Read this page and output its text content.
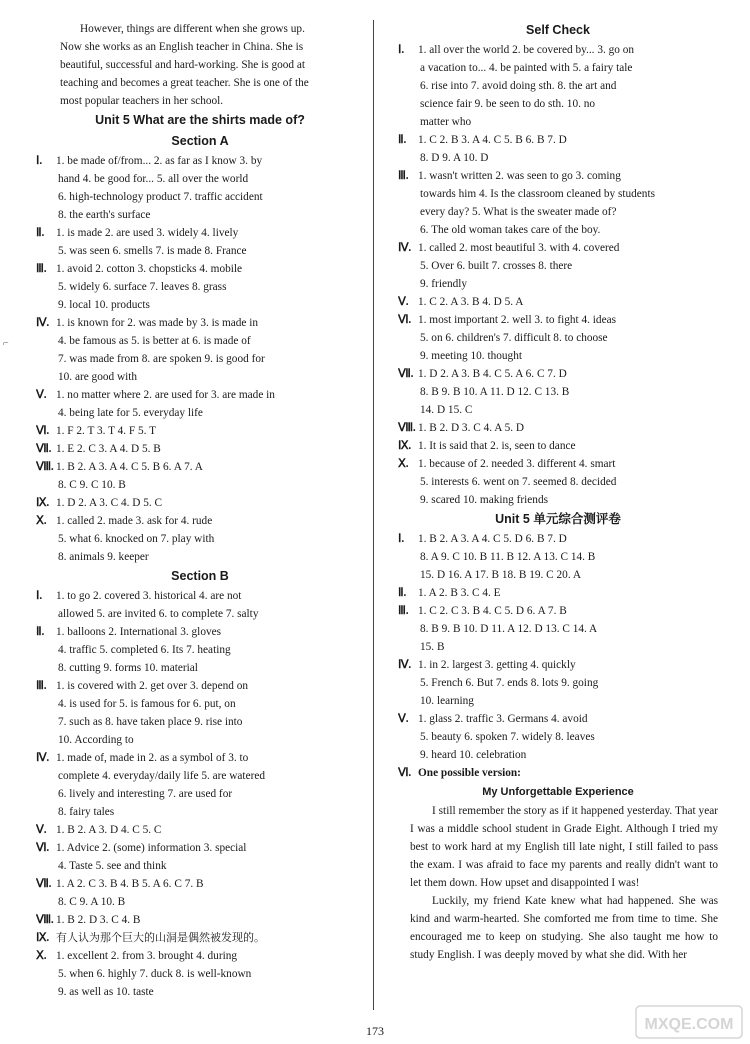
However, things are different when she grows up.
Now she works as an English teacher in China. She is
beautiful, successful and hard-working. She is good at
teaching and becomes a great teacher. She is one of the
most popular teachers in her school.
Unit 5 What are the shirts made of?
Section A
Ⅰ. 1. be made of/from... 2. as far as I know 3. by
hand 4. be good for... 5. all over the world
6. high-technology product 7. traffic accident
8. the earth's surface
Ⅱ. 1. is made 2. are used 3. widely 4. lively
5. was seen 6. smells 7. is made 8. France
Ⅲ. 1. avoid 2. cotton 3. chopsticks 4. mobile
5. widely 6. surface 7. leaves 8. grass
9. local 10. products
Ⅳ. 1. is known for 2. was made by 3. is made in
4. be famous as 5. is better at 6. is made of
7. was made from 8. are spoken 9. is good for
10. are good with
Ⅴ. 1. no matter where 2. are used for 3. are made in
4. being late for 5. everyday life
Ⅵ. 1. F 2. T 3. T 4. F 5. T
Ⅶ. 1. E 2. C 3. A 4. D 5. B
Ⅷ. 1. B 2. A 3. A 4. C 5. B 6. A 7. A
8. C 9. C 10. B
Ⅸ. 1. D 2. A 3. C 4. D 5. C
Ⅹ. 1. called 2. made 3. ask for 4. rude
5. what 6. knocked on 7. play with
8. animals 9. keeper
Section B
Ⅰ. 1. to go 2. covered 3. historical 4. are not
allowed 5. are invited 6. to complete 7. salty
Ⅱ. 1. balloons 2. International 3. gloves
4. traffic 5. completed 6. Its 7. heating
8. cutting 9. forms 10. material
Ⅲ. 1. is covered with 2. get over 3. depend on
4. is used for 5. is famous for 6. put, on
7. such as 8. have taken place 9. rise into
10. According to
Ⅳ. 1. made of, made in 2. as a symbol of 3. to
complete 4. everyday/daily life 5. are watered
6. lively and interesting 7. are used for
8. fairy tales
Ⅴ. 1. B 2. A 3. D 4. C 5. C
Ⅵ. 1. Advice 2. (some) information 3. special
4. Taste 5. see and think
Ⅶ. 1. A 2. C 3. B 4. B 5. A 6. C 7. B
8. C 9. A 10. B
Ⅷ. 1. B 2. D 3. C 4. B
Ⅸ. 有人认为那个巨大的山洞是偶然被发现的。
Ⅹ. 1. excellent 2. from 3. brought 4. during
5. when 6. highly 7. duck 8. is well-known
9. as well as 10. taste
Self Check
Ⅰ. 1. all over the world 2. be covered by... 3. go on
a vacation to... 4. be painted with 5. a fairy tale
6. rise into 7. avoid doing sth. 8. the art and
science fair 9. be seen to do sth. 10. no
matter who
Ⅱ. 1. C 2. B 3. A 4. C 5. B 6. B 7. D
8. D 9. A 10. D
Ⅲ. 1. wasn't written 2. was seen to go 3. coming
towards him 4. Is the classroom cleaned by students
every day? 5. What is the sweater made of?
6. The old woman takes care of the boy.
Ⅳ. 1. called 2. most beautiful 3. with 4. covered
5. Over 6. built 7. crosses 8. there
9. friendly
Ⅴ. 1. C 2. A 3. B 4. D 5. A
Ⅵ. 1. most important 2. well 3. to fight 4. ideas
5. on 6. children's 7. difficult 8. to choose
9. meeting 10. thought
Ⅶ. 1. D 2. A 3. B 4. C 5. A 6. C 7. D
8. B 9. B 10. A 11. D 12. C 13. B
14. D 15. C
Ⅷ. 1. B 2. D 3. C 4. A 5. D
Ⅸ. 1. It is said that 2. is, seen to dance
Ⅹ. 1. because of 2. needed 3. different 4. smart
5. interests 6. went on 7. seemed 8. decided
9. scared 10. making friends
Unit 5 单元综合测评卷
Ⅰ. 1. B 2. A 3. A 4. C 5. D 6. B 7. D
8. A 9. C 10. B 11. B 12. A 13. C 14. B
15. D 16. A 17. B 18. B 19. C 20. A
Ⅱ. 1. A 2. B 3. C 4. E
Ⅲ. 1. C 2. C 3. B 4. C 5. D 6. A 7. B
8. B 9. B 10. D 11. A 12. D 13. C 14. A
15. B
Ⅳ. 1. in 2. largest 3. getting 4. quickly
5. French 6. But 7. ends 8. lots 9. going
10. learning
Ⅴ. 1. glass 2. traffic 3. Germans 4. avoid
5. beauty 6. spoken 7. widely 8. leaves
9. heard 10. celebration
Ⅵ. One possible version:
My Unforgettable Experience

I still remember the story as if it happened yesterday. That year I was a middle school student in Grade Eight. Although I tried my best to work hard at my English till late night, I still failed to pass the exam. I was afraid to face my parents and really didn't want to let them down. How upset and disappointed I was!

Luckily, my friend Kate knew what had happened. She was kind and warm-hearted. She comforted me from time to time. She encouraged me to keep on studying. She also taught me how to study English. I was deeply moved by what she did. With her

⌐
173	MXQE.COM
